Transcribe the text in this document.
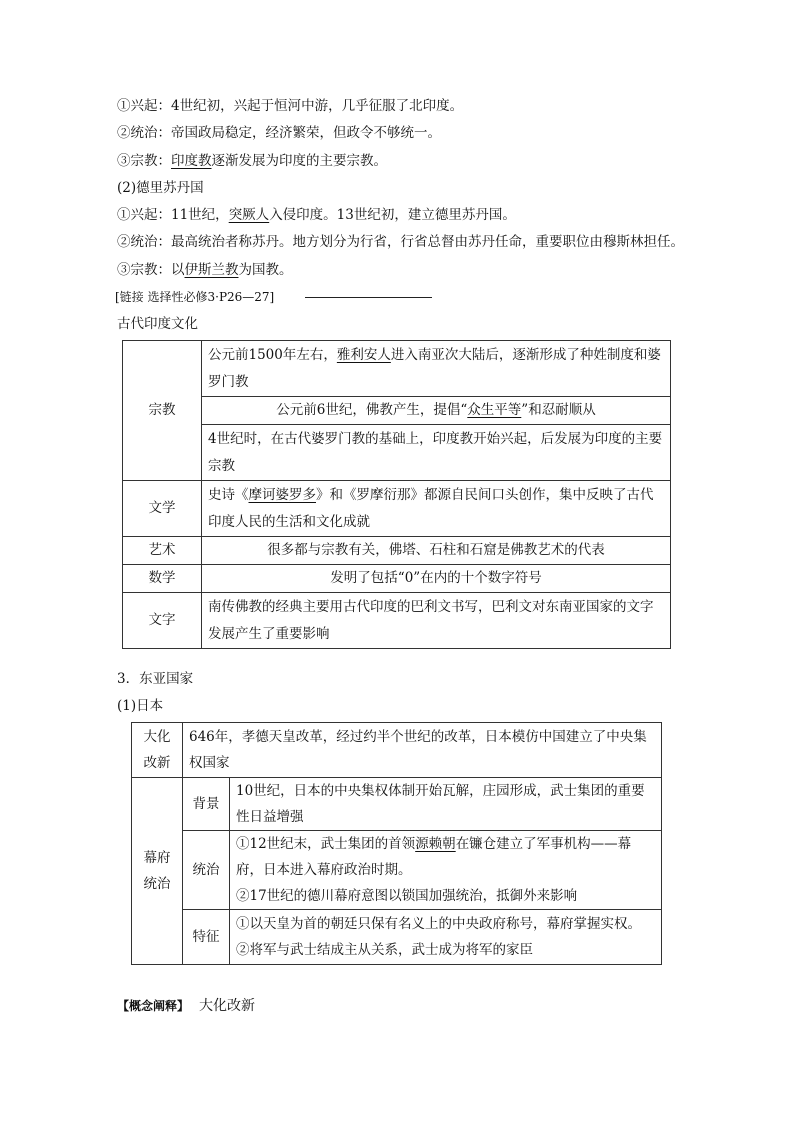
①兴起：4世纪初，兴起于恒河中游，几乎征服了北印度。
②统治：帝国政局稳定，经济繁荣，但政令不够统一。
③宗教：印度教逐渐发展为印度的主要宗教。
(2)德里苏丹国
①兴起：11世纪，突厥人入侵印度。13世纪初，建立德里苏丹国。
②统治：最高统治者称苏丹。地方划分为行省，行省总督由苏丹任命，重要职位由穆斯林担任。
③宗教：以伊斯兰教为国教。
[链接 选择性必修3·P26—27]
古代印度文化
宗教	公元前1500年左右，雅利安人进入南亚次大陆后，逐渐形成了种姓制度和婆罗门教
	公元前6世纪，佛教产生，提倡“众生平等”和忍耐顺从
	4世纪时，在古代婆罗门教的基础上，印度教开始兴起，后发展为印度的主要宗教
文学	史诗《摩诃婆罗多》和《罗摩衍那》都源自民间口头创作，集中反映了古代印度人民的生活和文化成就
艺术	很多都与宗教有关，佛塔、石柱和石窟是佛教艺术的代表
数学	发明了包括“0”在内的十个数字符号
文字	南传佛教的经典主要用古代印度的巴利文书写，巴利文对东南亚国家的文字发展产生了重要影响
3．东亚国家
(1)日本
大化改新	646年，孝德天皇改革，经过约半个世纪的改革，日本模仿中国建立了中央集权国家	
幕府统治	背景	10世纪，日本的中央集权体制开始瓦解，庄园形成，武士集团的重要性日益增强
	统治	①12世纪末，武士集团的首领源赖朝在镰仓建立了军事机构——幕府，日本进入幕府政治时期。
②17世纪的德川幕府意图以锁国加强统治，抵御外来影响
	特征	①以天皇为首的朝廷只保有名义上的中央政府称号，幕府掌握实权。
②将军与武士结成主从关系，武士成为将军的家臣
【概念阐释】 大化改新
